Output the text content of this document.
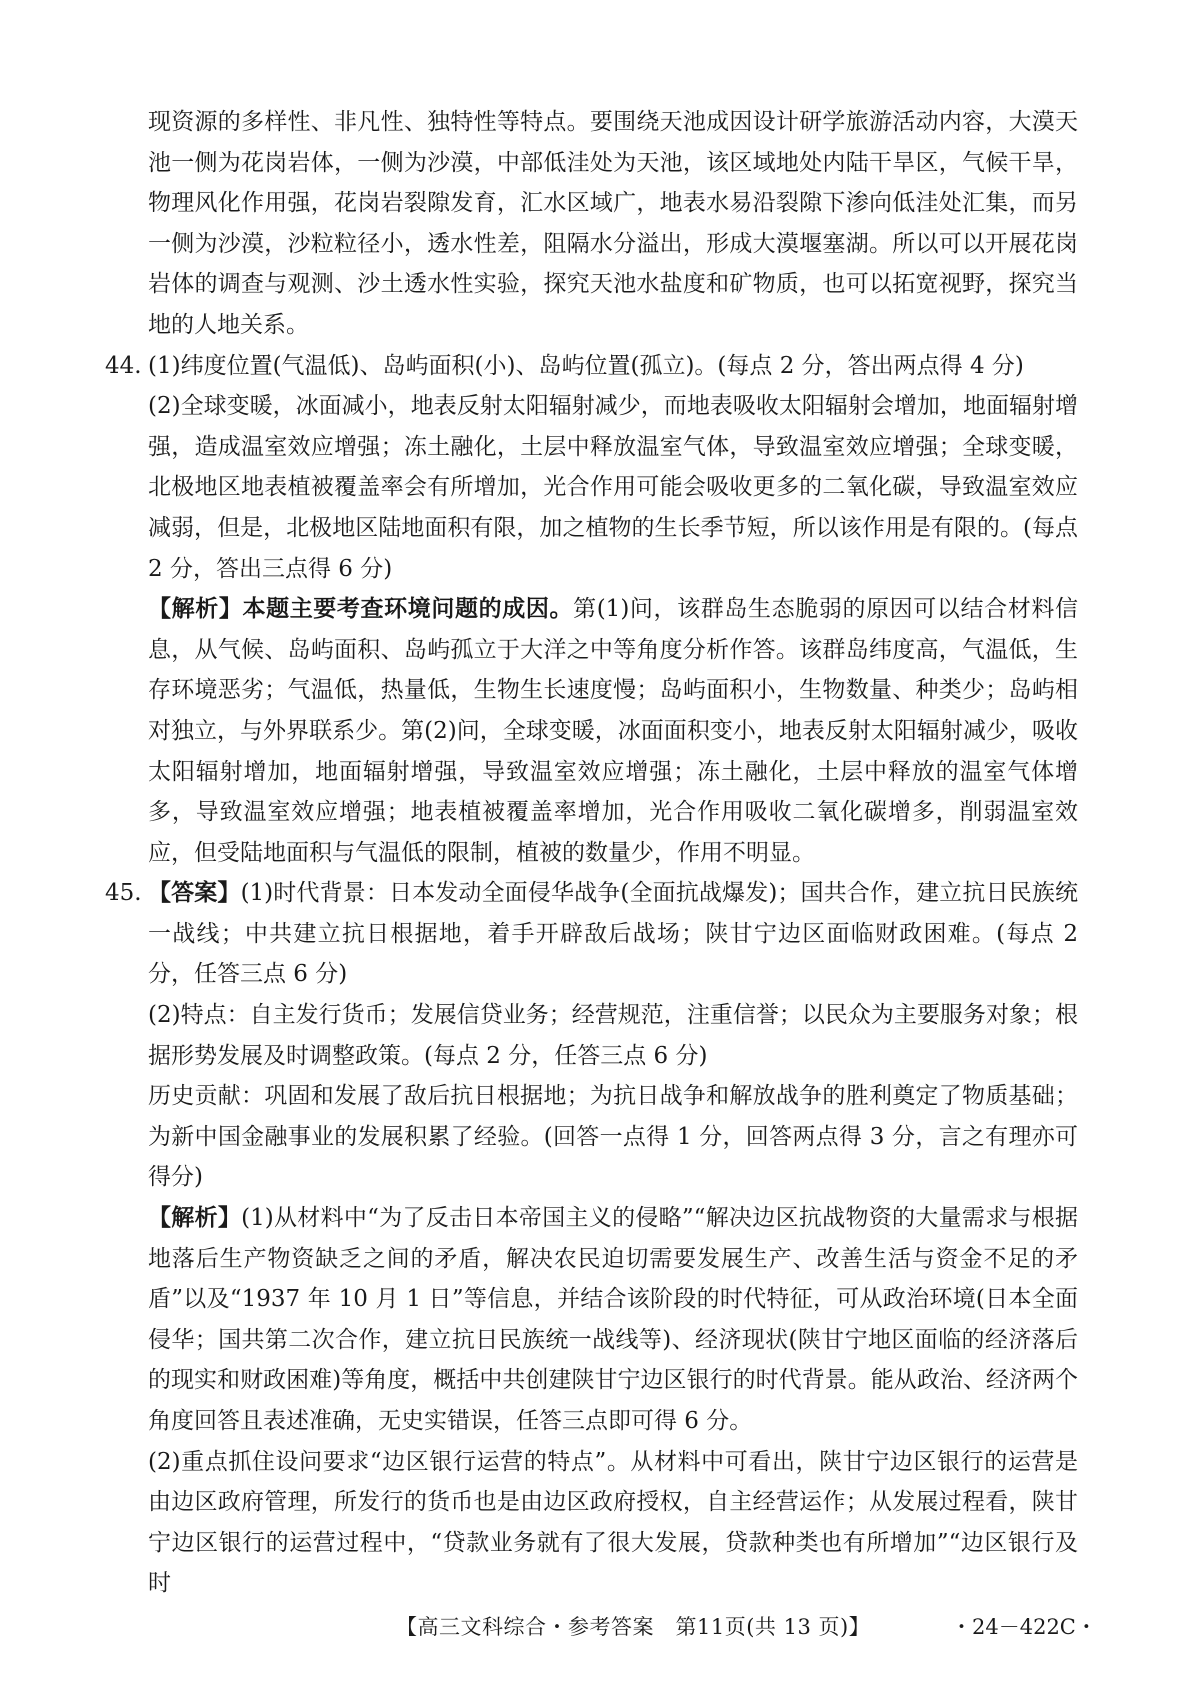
现资源的多样性、非凡性、独特性等特点。要围绕天池成因设计研学旅游活动内容，大漠天池一侧为花岗岩体，一侧为沙漠，中部低洼处为天池，该区域地处内陆干旱区，气候干旱，物理风化作用强，花岗岩裂隙发育，汇水区域广，地表水易沿裂隙下渗向低洼处汇集，而另一侧为沙漠，沙粒粒径小，透水性差，阻隔水分溢出，形成大漠堰塞湖。所以可以开展花岗岩体的调查与观测、沙土透水性实验，探究天池水盐度和矿物质，也可以拓宽视野，探究当地的人地关系。

44. (1)纬度位置(气温低)、岛屿面积(小)、岛屿位置(孤立)。(每点 2 分，答出两点得 4 分)

(2)全球变暖，冰面减小，地表反射太阳辐射减少，而地表吸收太阳辐射会增加，地面辐射增强，造成温室效应增强；冻土融化，土层中释放温室气体，导致温室效应增强；全球变暖，北极地区地表植被覆盖率会有所增加，光合作用可能会吸收更多的二氧化碳，导致温室效应减弱，但是，北极地区陆地面积有限，加之植物的生长季节短，所以该作用是有限的。(每点 2 分，答出三点得 6 分)

【解析】本题主要考查环境问题的成因。第(1)问，该群岛生态脆弱的原因可以结合材料信息，从气候、岛屿面积、岛屿孤立于大洋之中等角度分析作答。该群岛纬度高，气温低，生存环境恶劣；气温低，热量低，生物生长速度慢；岛屿面积小，生物数量、种类少；岛屿相对独立，与外界联系少。第(2)问，全球变暖，冰面面积变小，地表反射太阳辐射减少，吸收太阳辐射增加，地面辐射增强，导致温室效应增强；冻土融化，土层中释放的温室气体增多，导致温室效应增强；地表植被覆盖率增加，光合作用吸收二氧化碳增多，削弱温室效应，但受陆地面积与气温低的限制，植被的数量少，作用不明显。

45. 【答案】(1)时代背景：日本发动全面侵华战争(全面抗战爆发)；国共合作，建立抗日民族统一战线；中共建立抗日根据地，着手开辟敌后战场；陕甘宁边区面临财政困难。(每点 2 分，任答三点 6 分)

(2)特点：自主发行货币；发展信贷业务；经营规范，注重信誉；以民众为主要服务对象；根据形势发展及时调整政策。(每点 2 分，任答三点 6 分)

历史贡献：巩固和发展了敌后抗日根据地；为抗日战争和解放战争的胜利奠定了物质基础；为新中国金融事业的发展积累了经验。(回答一点得 1 分，回答两点得 3 分，言之有理亦可得分)

【解析】(1)从材料中“为了反击日本帝国主义的侵略”“解决边区抗战物资的大量需求与根据地落后生产物资缺乏之间的矛盾，解决农民迫切需要发展生产、改善生活与资金不足的矛盾”以及“1937 年 10 月 1 日”等信息，并结合该阶段的时代特征，可从政治环境(日本全面侵华；国共第二次合作，建立抗日民族统一战线等)、经济现状(陕甘宁地区面临的经济落后的现实和财政困难)等角度，概括中共创建陕甘宁边区银行的时代背景。能从政治、经济两个角度回答且表述准确，无史实错误，任答三点即可得 6 分。

(2)重点抓住设问要求“边区银行运营的特点”。从材料中可看出，陕甘宁边区银行的运营是由边区政府管理，所发行的货币也是由边区政府授权，自主经营运作；从发展过程看，陕甘宁边区银行的运营过程中，“贷款业务就有了很大发展，贷款种类也有所增加”“边区银行及时

【高三文科综合・参考答案　第11页(共 13 页)】	・24－422C・
